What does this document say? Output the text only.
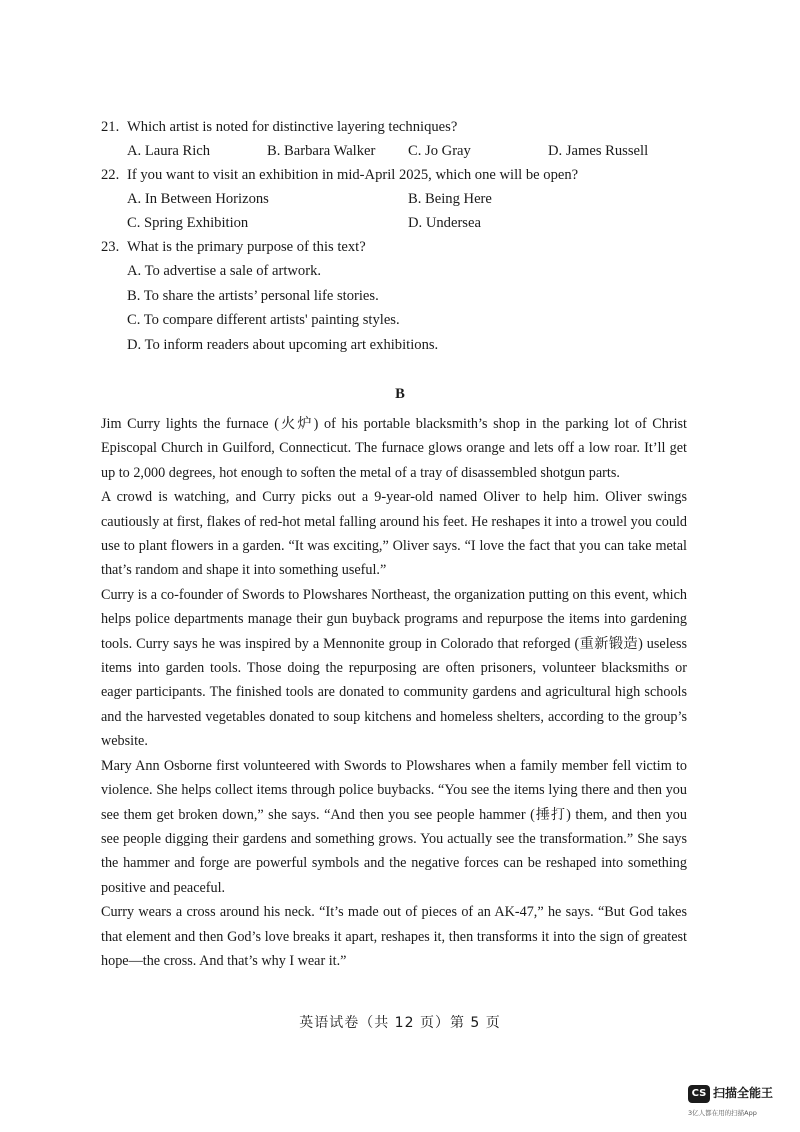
21. Which artist is noted for distinctive layering techniques?
A. Laura Rich	B. Barbara Walker C. Jo Gray	D. James Russell
22. If you want to visit an exhibition in mid-April 2025, which one will be open?
A. In Between Horizons	B. Being Here
C. Spring Exhibition	D. Undersea
23. What is the primary purpose of this text?
A. To advertise a sale of artwork.
B. To share the artists’ personal life stories.
C. To compare different artists' painting styles.
D. To inform readers about upcoming art exhibitions.
B

Jim Curry lights the furnace (火炉) of his portable blacksmith’s shop in the parking lot of Christ Episcopal Church in Guilford, Connecticut. The furnace glows orange and lets off a low roar. It’ll get up to 2,000 degrees, hot enough to soften the metal of a tray of disassembled shotgun parts.

A crowd is watching, and Curry picks out a 9-year-old named Oliver to help him. Oliver swings cautiously at first, flakes of red-hot metal falling around his feet. He reshapes it into a trowel you could use to plant flowers in a garden. “It was exciting,” Oliver says. “I love the fact that you can take metal that’s random and shape it into something useful.”

Curry is a co-founder of Swords to Plowshares Northeast, the organization putting on this event, which helps police departments manage their gun buyback programs and repurpose the items into gardening tools. Curry says he was inspired by a Mennonite group in Colorado that reforged (重新锻造) useless items into garden tools. Those doing the repurposing are often prisoners, volunteer blacksmiths or eager participants. The finished tools are donated to community gardens and agricultural high schools and the harvested vegetables donated to soup kitchens and homeless shelters, according to the group’s website.

Mary Ann Osborne first volunteered with Swords to Plowshares when a family member fell victim to violence. She helps collect items through police buybacks. “You see the items lying there and then you see them get broken down,” she says. “And then you see people hammer (捶打) them, and then you see people digging their gardens and something grows. You actually see the transformation.” She says the hammer and forge are powerful symbols and the negative forces can be reshaped into something positive and peaceful.

Curry wears a cross around his neck. “It’s made out of pieces of an AK-47,” he says. “But God takes that element and then God’s love breaks it apart, reshapes it, then transforms it into the sign of greatest hope—the cross. And that’s why I wear it.”

英语试卷（共 12 页）第 5 页
CS 扫描全能王
3亿人都在用的扫描App
